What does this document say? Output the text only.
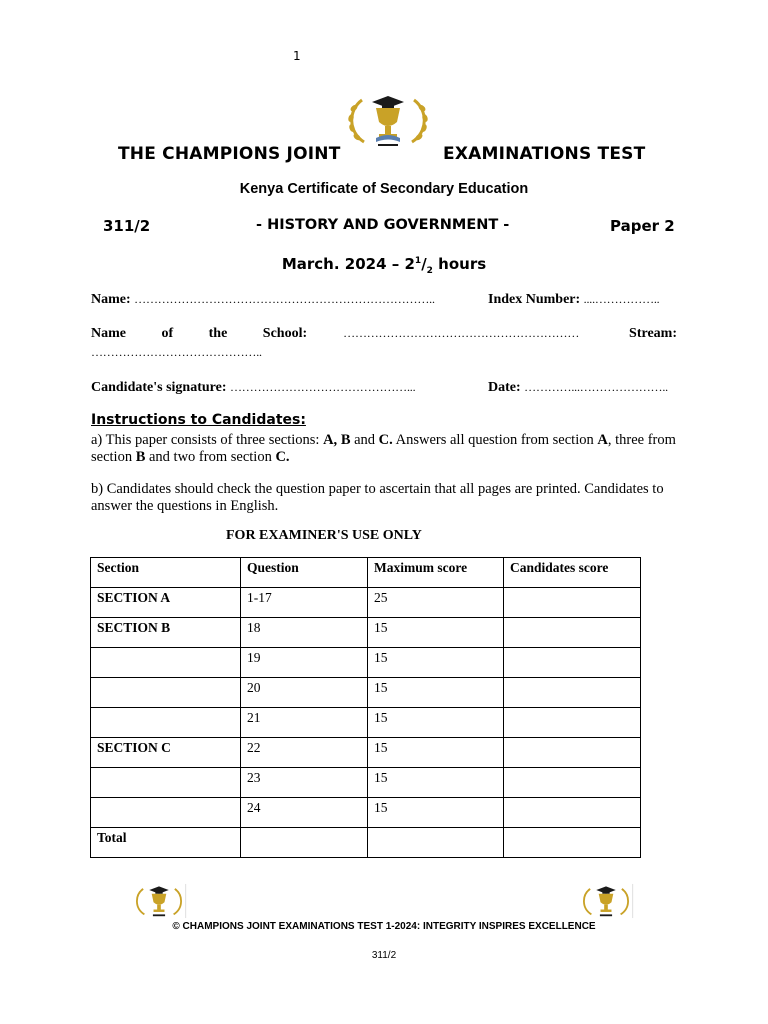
1
THE CHAMPIONS JOINT	EXAMINATIONS TEST
Kenya Certificate of Secondary Education
311/2	- HISTORY AND GOVERNMENT -	Paper 2
March. $2024 - 2^1/_2$ hours
Name: …………………………………………………………………..	Index Number: ....……………..
Name of the School:	……………………………………………………	Stream:
……………………………………..
Candidate's signature: ………………………………………...	Date: …………...…………………..
Instructions to Candidates:
a) This paper consists of three sections: A, B and C. Answers all question from section A, three from section B and two from section C.
b) Candidates should check the question paper to ascertain that all pages are printed. Candidates to answer the questions in English.
FOR EXAMINER'S USE ONLY
Section	Question	Maximum score	Candidates score
SECTION A	1-17	25	
SECTION B	18	15	
	19	15	
	20	15	
	21	15	
SECTION C	22	15	
	23	15	
	24	15	
Total			
© CHAMPIONS JOINT EXAMINATIONS TEST 1-2024: INTEGRITY INSPIRES EXCELLENCE
311/2
